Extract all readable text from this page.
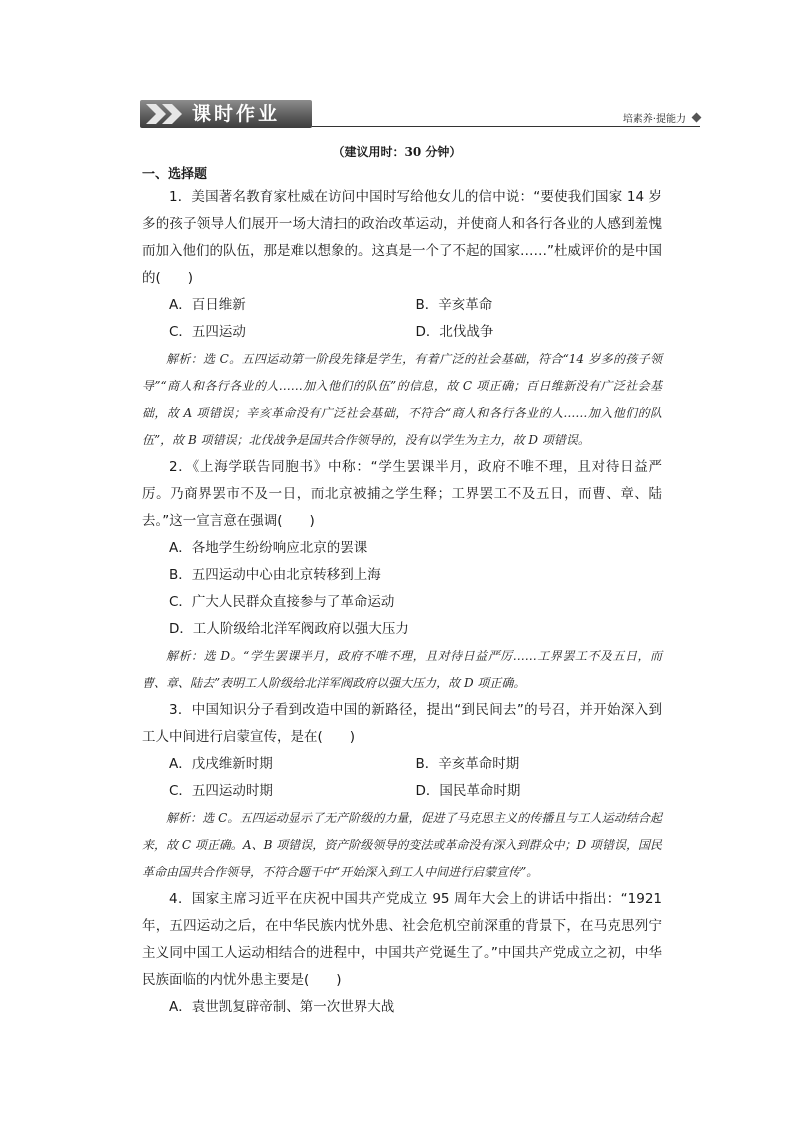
课时作业	培素养·提能力
（建议用时：30 分钟）
一、选择题

1．美国著名教育家杜威在访问中国时写给他女儿的信中说：“要使我们国家 14 岁多的孩子领导人们展开一场大清扫的政治改革运动，并使商人和各行各业的人感到羞愧而加入他们的队伍，那是难以想象的。这真是一个了不起的国家……”杜威评价的是中国的(　　)

A．百日维新	B．辛亥革命
C．五四运动	D．北伐战争

解析：选 C。五四运动第一阶段先锋是学生，有着广泛的社会基础，符合“14 岁多的孩子领导”“商人和各行各业的人……加入他们的队伍”的信息，故 C 项正确；百日维新没有广泛社会基础，故 A 项错误；辛亥革命没有广泛社会基础，不符合“商人和各行各业的人……加入他们的队伍”，故 B 项错误；北伐战争是国共合作领导的，没有以学生为主力，故 D 项错误。

2．《上海学联告同胞书》中称：“学生罢课半月，政府不唯不理，且对待日益严厉。乃商界罢市不及一日，而北京被捕之学生释；工界罢工不及五日，而曹、章、陆去。”这一宣言意在强调(　　)

A．各地学生纷纷响应北京的罢课

B．五四运动中心由北京转移到上海

C．广大人民群众直接参与了革命运动

D．工人阶级给北洋军阀政府以强大压力

解析：选 D。“学生罢课半月，政府不唯不理，且对待日益严厉……工界罢工不及五日，而曹、章、陆去”表明工人阶级给北洋军阀政府以强大压力，故 D 项正确。

3．中国知识分子看到改造中国的新路径，提出“到民间去”的号召，并开始深入到工人中间进行启蒙宣传，是在(　　)

A．戊戌维新时期	B．辛亥革命时期
C．五四运动时期	D．国民革命时期

解析：选 C。五四运动显示了无产阶级的力量，促进了马克思主义的传播且与工人运动结合起来，故 C 项正确。A、B 项错误，资产阶级领导的变法或革命没有深入到群众中；D 项错误，国民革命由国共合作领导，不符合题干中“开始深入到工人中间进行启蒙宣传”。

4．国家主席习近平在庆祝中国共产党成立 95 周年大会上的讲话中指出：“1921 年，五四运动之后，在中华民族内忧外患、社会危机空前深重的背景下，在马克思列宁主义同中国工人运动相结合的进程中，中国共产党诞生了。”中国共产党成立之初，中华民族面临的内忧外患主要是(　　)

A．袁世凯复辟帝制、第一次世界大战
